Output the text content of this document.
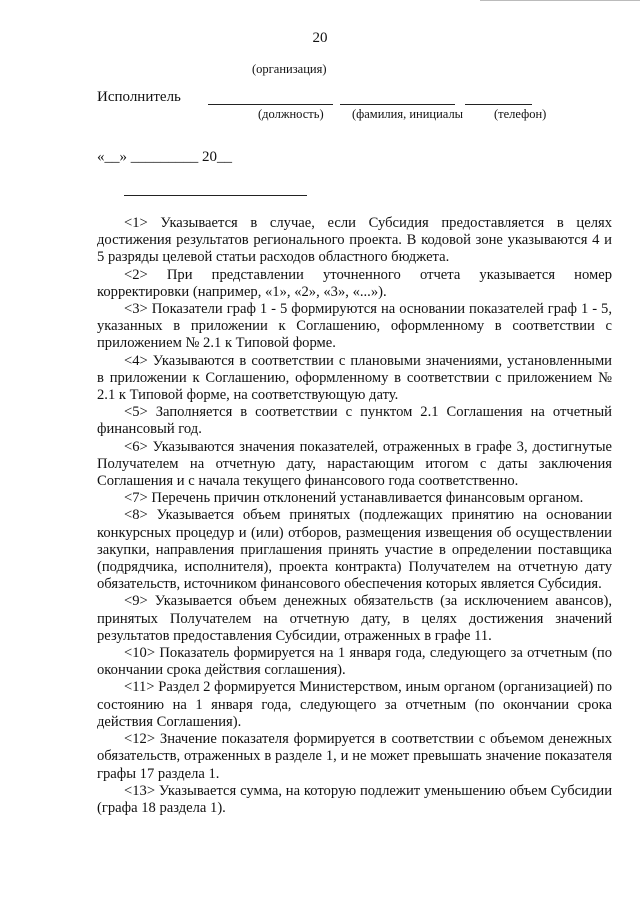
20
(организация)
Исполнитель
(должность) (фамилия, инициалы (телефон)
«__» _________ 20__

<1> Указывается в случае, если Субсидия предоставляется в целях достижения результатов регионального проекта. В кодовой зоне указываются 4 и 5 разряды целевой статьи расходов областного бюджета.

<2> При представлении уточненного отчета указывается номер корректировки (например, «1», «2», «3», «...»).

<3> Показатели граф 1 - 5 формируются на основании показателей граф 1 - 5, указанных в приложении к Соглашению, оформленному в соответствии с приложением № 2.1 к Типовой форме.

<4> Указываются в соответствии с плановыми значениями, установленными в приложении к Соглашению, оформленному в соответствии с приложением № 2.1 к Типовой форме, на соответствующую дату.

<5> Заполняется в соответствии с пунктом 2.1 Соглашения на отчетный финансовый год.

<6> Указываются значения показателей, отраженных в графе 3, достигнутые Получателем на отчетную дату, нарастающим итогом с даты заключения Соглашения и с начала текущего финансового года соответственно.

<7> Перечень причин отклонений устанавливается финансовым органом.

<8> Указывается объем принятых (подлежащих принятию на основании конкурсных процедур и (или) отборов, размещения извещения об осуществлении закупки, направления приглашения принять участие в определении поставщика (подрядчика, исполнителя), проекта контракта) Получателем на отчетную дату обязательств, источником финансового обеспечения которых является Субсидия.

<9> Указывается объем денежных обязательств (за исключением авансов), принятых Получателем на отчетную дату, в целях достижения значений результатов предоставления Субсидии, отраженных в графе 11.

<10> Показатель формируется на 1 января года, следующего за отчетным (по окончании срока действия соглашения).

<11> Раздел 2 формируется Министерством, иным органом (организацией) по состоянию на 1 января года, следующего за отчетным (по окончании срока действия Соглашения).

<12> Значение показателя формируется в соответствии с объемом денежных обязательств, отраженных в разделе 1, и не может превышать значение показателя графы 17 раздела 1.

<13> Указывается сумма, на которую подлежит уменьшению объем Субсидии (графа 18 раздела 1).
